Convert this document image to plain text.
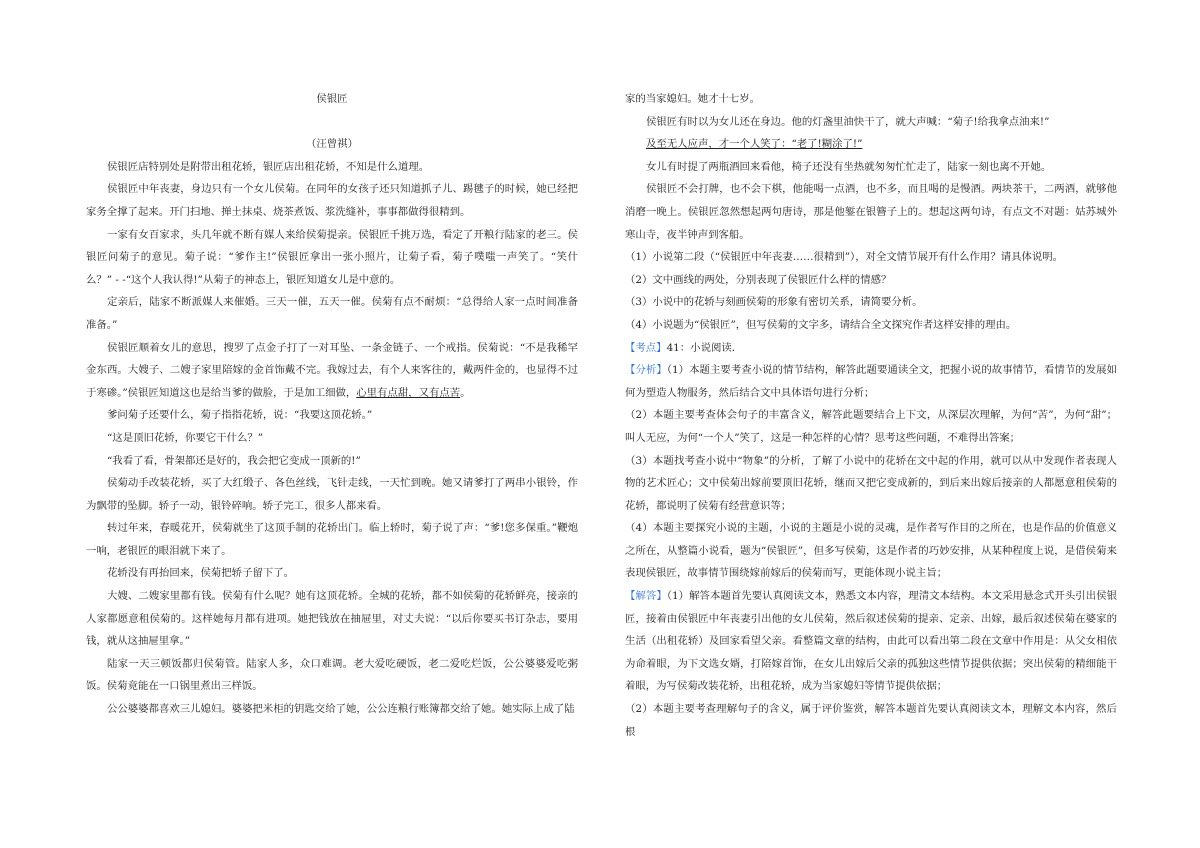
侯银匠

（汪曾祺）

侯银匠店特别处是附带出租花轿，银匠店出租花轿，不知是什么道理。

侯银匠中年丧妻，身边只有一个女儿侯菊。在同年的女孩子还只知道抓子儿、踢毽子的时候，她已经把家务全撑了起来。开门扫地、掸土抹桌、烧茶煮饭、浆洗缝补，事事都做得很精到。

一家有女百家求，头几年就不断有媒人来给侯菊提亲。侯银匠千挑万选，看定了开粮行陆家的老三。侯银匠问菊子的意见。菊子说：“爹作主!”侯银匠拿出一张小照片，让菊子看，菊子噗嗤一声笑了。“笑什么？” - -“这个人我认得!”从菊子的神态上，银匠知道女儿是中意的。

定亲后，陆家不断派媒人来催婚。三天一催，五天一催。侯菊有点不耐烦：“总得给人家一点时间准备准备。”

侯银匠顺着女儿的意思，搜罗了点金子打了一对耳坠、一条金链子、一个戒指。侯菊说：“不是我稀罕金东西。大嫂子、二嫂子家里陪嫁的金首饰戴不完。我嫁过去，有个人来客往的，戴两件金的，也显得不过于寒碜。”侯银匠知道这也是给当爹的做脸，于是加工细做，心里有点甜，又有点苦。

爹问菊子还要什么，菊子指指花轿，说：“我要这顶花轿。”

“这是顶旧花轿，你要它干什么？”

“我看了看，骨架都还是好的，我会把它变成一顶新的!”

侯菊动手改装花轿，买了大红缎子、各色丝线，飞针走线，一天忙到晚。她又请爹打了两串小银铃，作为飘带的坠脚。轿子一动，银铃碎响。轿子完工，很多人都来看。

转过年来，春暖花开，侯菊就坐了这顶手制的花轿出门。临上轿时，菊子说了声：“爹!您多保重。”鞭炮一响，老银匠的眼泪就下来了。

花轿没有再抬回来，侯菊把轿子留下了。

大嫂、二嫂家里都有钱。侯菊有什么呢？她有这顶花轿。全城的花轿，都不如侯菊的花轿鲜亮，接亲的人家都愿意租侯菊的。这样她每月都有进项。她把钱放在抽屉里，对丈夫说：“以后你要买书订杂志，要用钱，就从这抽屉里拿。”

陆家一天三顿饭都归侯菊管。陆家人多，众口难调。老大爱吃硬饭，老二爱吃烂饭，公公婆婆爱吃粥饭。侯菊竟能在一口锅里煮出三样饭。

公公婆婆都喜欢三儿媳妇。婆婆把米柜的钥匙交给了她，公公连粮行账簿都交给了她。她实际上成了陆

家的当家媳妇。她才十七岁。

侯银匠有时以为女儿还在身边。他的灯盏里油快干了，就大声喊：“菊子!给我拿点油来!”

及至无人应声，才一个人笑了：“老了!糊涂了!”

女儿有时提了两瓶酒回来看他，椅子还没有坐热就匆匆忙忙走了，陆家一刻也离不开她。

侯银匠不会打牌，也不会下棋，他能喝一点酒，也不多，而且喝的是慢酒。两块茶干，二两酒，就够他消磨一晚上。侯银匠忽然想起两句唐诗，那是他錾在银簪子上的。想起这两句诗，有点文不对题：姑苏城外寒山寺，夜半钟声到客船。

（1）小说第二段（“侯银匠中年丧妻……很精到”），对全文情节展开有什么作用？请具体说明。

（2）文中画线的两处，分别表现了侯银匠什么样的情感？

（3）小说中的花轿与刻画侯菊的形象有密切关系，请简要分析。

（4）小说题为“侯银匠”，但写侯菊的文字多，请结合全文探究作者这样安排的理由。

【考点】41：小说阅读．

【分析】（1）本题主要考查小说的情节结构，解答此题要通读全文，把握小说的故事情节，看情节的发展如何为塑造人物服务，然后结合文中具体语句进行分析；

（2）本题主要考查体会句子的丰富含义，解答此题要结合上下文，从深层次理解，为何“苦”，为何“甜”；叫人无应，为何“一个人”笑了，这是一种怎样的心情？思考这些问题，不难得出答案；

（3）本题找考查小说中“物象”的分析，了解了小说中的花轿在文中起的作用，就可以从中发现作者表现人物的艺术匠心；文中侯菊出嫁前要顶旧花轿，继而又把它变成新的，到后来出嫁后接亲的人都愿意租侯菊的花轿，都说明了侯菊有经营意识等；

（4）本题主要探究小说的主题，小说的主题是小说的灵魂，是作者写作目的之所在，也是作品的价值意义之所在，从整篇小说看，题为“侯银匠”，但多写侯菊，这是作者的巧妙安排，从某种程度上说，是借侯菊来表现侯银匠，故事情节围绕嫁前嫁后的侯菊而写，更能体现小说主旨；

【解答】（1）解答本题首先要认真阅读文本，熟悉文本内容，理清文本结构。本文采用悬念式开头引出侯银匠，接着由侯银匠中年丧妻引出他的女儿侯菊，然后叙述侯菊的提亲、定亲、出嫁，最后叙述侯菊在婆家的生活（出租花轿）及回家看望父亲。看整篇文章的结构，由此可以看出第二段在文章中作用是：从父女相依为命着眼，为下文选女婿，打陪嫁首饰，在女儿出嫁后父亲的孤独这些情节提供依据；突出侯菊的精细能干着眼，为写侯菊改装花轿，出租花轿，成为当家媳妇等情节提供依据；

（2）本题主要考查理解句子的含义，属于评价鉴赏，解答本题首先要认真阅读文本，理解文本内容，然后根
